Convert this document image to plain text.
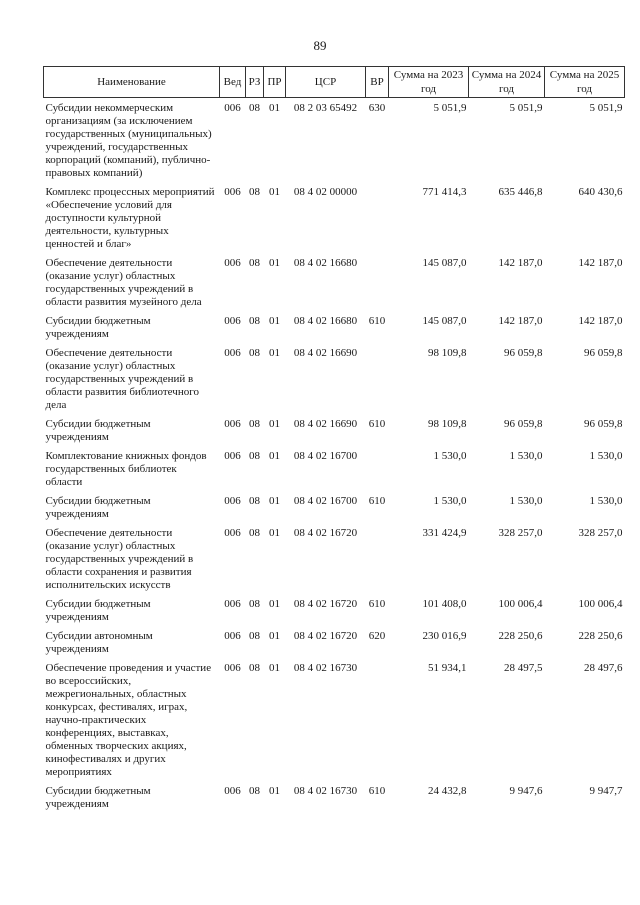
89
Наименование	Вед	РЗ	ПР	ЦСР	ВР	Сумма на 2023 год	Сумма на 2024 год	Сумма на 2025 год
Субсидии некоммерческим организациям (за исключением государственных (муниципальных) учреждений, государственных корпораций (компаний), публично-правовых компаний)	006	08	01	08 2 03 65492	630	5 051,9	5 051,9	5 051,9
Комплекс процессных мероприятий «Обеспечение условий для доступности культурной деятельности, культурных ценностей и благ»	006	08	01	08 4 02 00000		771 414,3	635 446,8	640 430,6
Обеспечение деятельности (оказание услуг) областных государственных учреждений в области развития музейного дела	006	08	01	08 4 02 16680		145 087,0	142 187,0	142 187,0
Субсидии бюджетным учреждениям	006	08	01	08 4 02 16680	610	145 087,0	142 187,0	142 187,0
Обеспечение деятельности (оказание услуг) областных государственных учреждений в области развития библиотечного дела	006	08	01	08 4 02 16690		98 109,8	96 059,8	96 059,8
Субсидии бюджетным учреждениям	006	08	01	08 4 02 16690	610	98 109,8	96 059,8	96 059,8
Комплектование книжных фондов государственных библиотек области	006	08	01	08 4 02 16700		1 530,0	1 530,0	1 530,0
Субсидии бюджетным учреждениям	006	08	01	08 4 02 16700	610	1 530,0	1 530,0	1 530,0
Обеспечение деятельности (оказание услуг) областных государственных учреждений в области сохранения и развития исполнительских искусств	006	08	01	08 4 02 16720		331 424,9	328 257,0	328 257,0
Субсидии бюджетным учреждениям	006	08	01	08 4 02 16720	610	101 408,0	100 006,4	100 006,4
Субсидии автономным учреждениям	006	08	01	08 4 02 16720	620	230 016,9	228 250,6	228 250,6
Обеспечение проведения и участие во всероссийских, межрегиональных, областных конкурсах, фестивалях, играх, научно-практических конференциях, выставках, обменных творческих акциях, кинофестивалях и других мероприятиях	006	08	01	08 4 02 16730		51 934,1	28 497,5	28 497,6
Субсидии бюджетным учреждениям	006	08	01	08 4 02 16730	610	24 432,8	9 947,6	9 947,7
